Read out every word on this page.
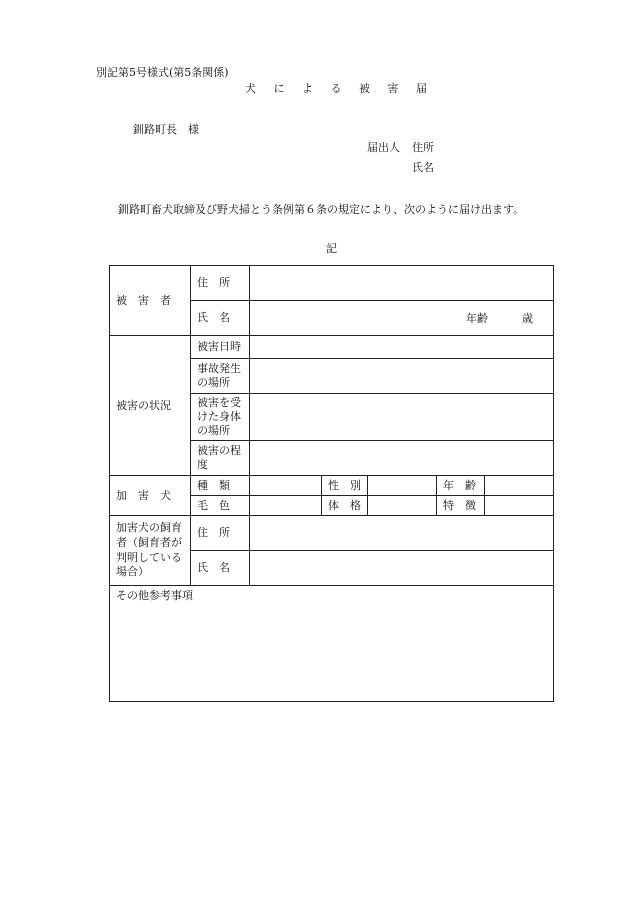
別記第5号様式(第5条関係)
犬 に よ る 被 害 届
釧路町長　様
届出人 住所
氏名
釧路町畜犬取締及び野犬掃とう条例第６条の規定により、次のように届け出ます。
記
被　害　者	住　所					
	氏　名	年齢 歳				

被害の状況	被害日時					
	事故発生の場所					
	被害を受けた身体の場所					
	被害の程度					
加　害　犬	種　類		性　別		年　齢	
	毛　色		体　格		特　徴	
加害犬の飼育者（飼育者が判明している場合）	住　所					
	氏　名					
その他参考事項						
